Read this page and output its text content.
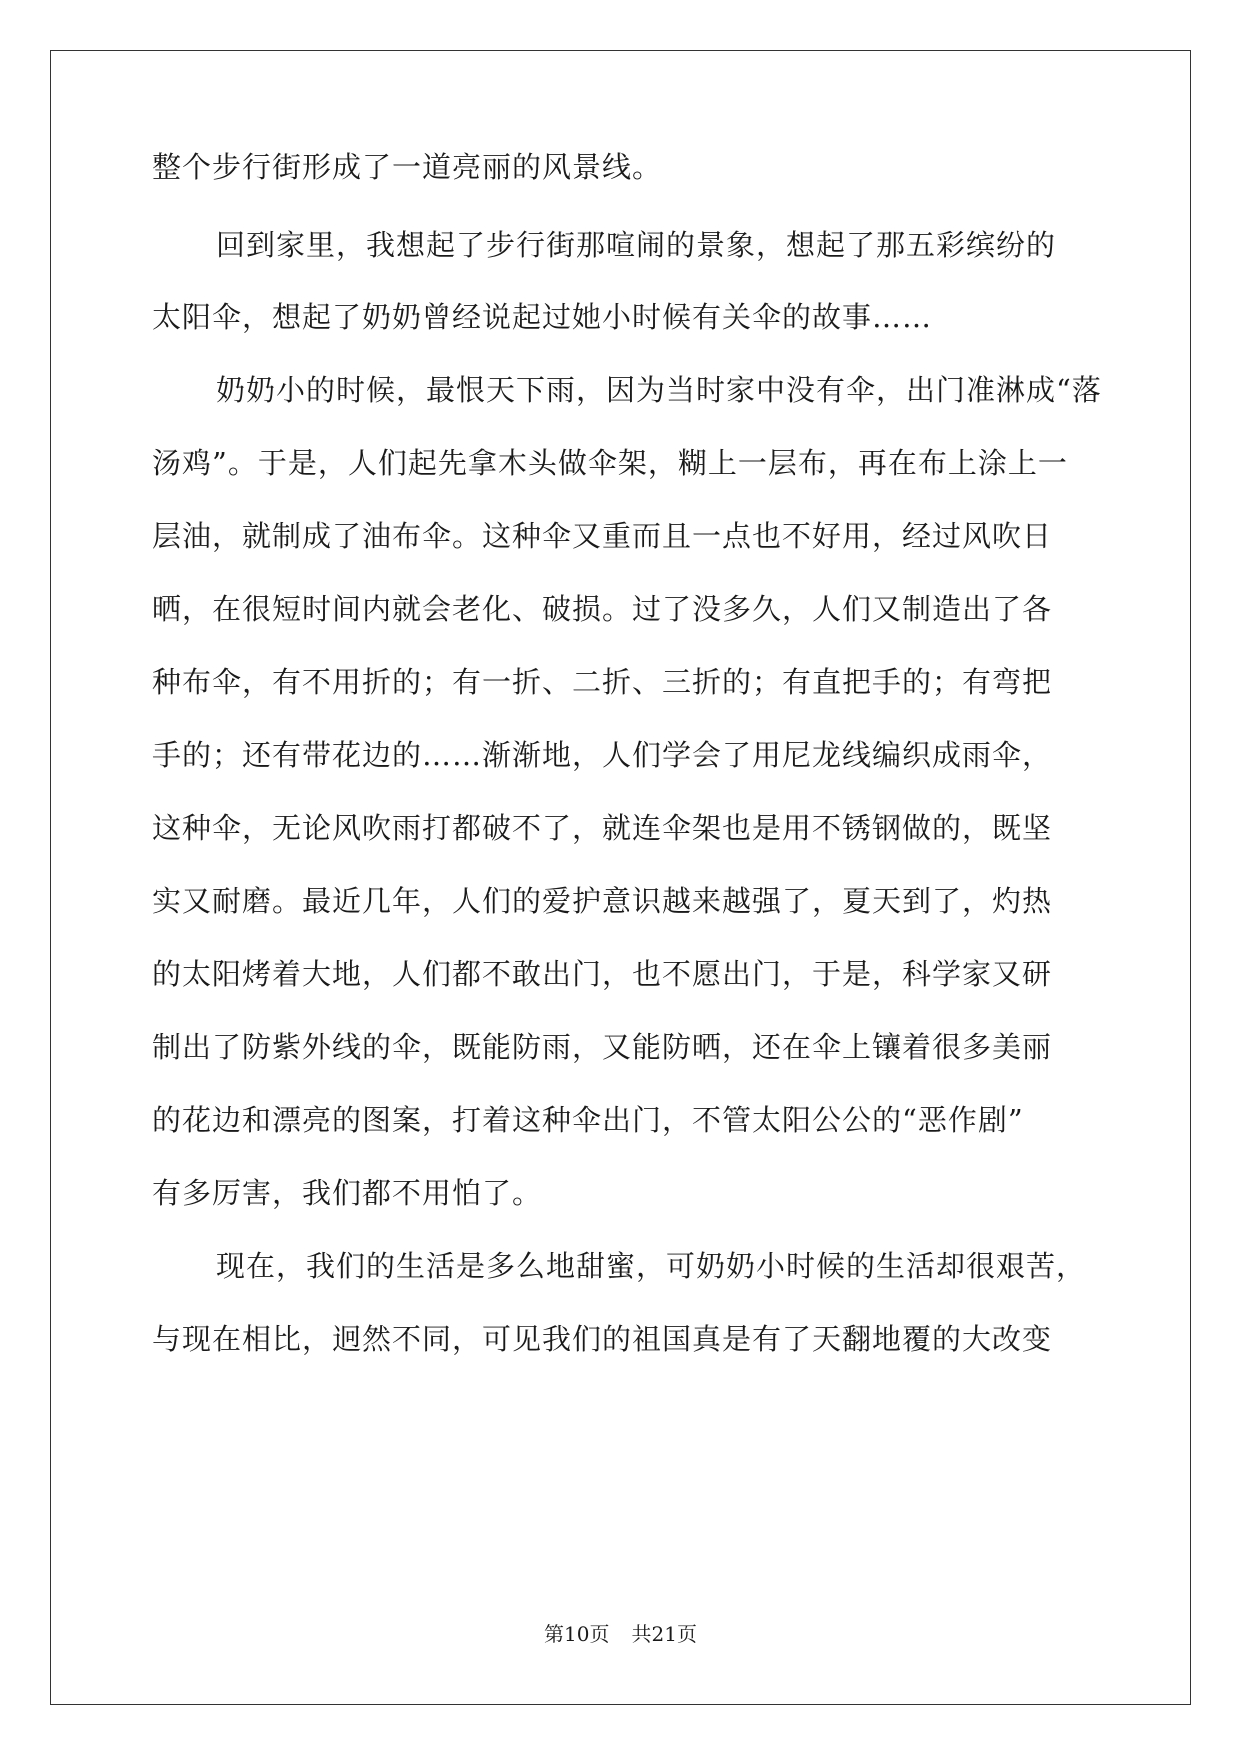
整个步行街形成了一道亮丽的风景线。
回到家里，我想起了步行街那喧闹的景象，想起了那五彩缤纷的
太阳伞，想起了奶奶曾经说起过她小时候有关伞的故事……
奶奶小的时候，最恨天下雨，因为当时家中没有伞，出门准淋成“落
汤鸡”。于是，人们起先拿木头做伞架，糊上一层布，再在布上涂上一
层油，就制成了油布伞。这种伞又重而且一点也不好用，经过风吹日
晒，在很短时间内就会老化、破损。过了没多久，人们又制造出了各
种布伞，有不用折的；有一折、二折、三折的；有直把手的；有弯把
手的；还有带花边的……渐渐地，人们学会了用尼龙线编织成雨伞，
这种伞，无论风吹雨打都破不了，就连伞架也是用不锈钢做的，既坚
实又耐磨。最近几年，人们的爱护意识越来越强了，夏天到了，灼热
的太阳烤着大地，人们都不敢出门，也不愿出门，于是，科学家又研
制出了防紫外线的伞，既能防雨，又能防晒，还在伞上镶着很多美丽
的花边和漂亮的图案，打着这种伞出门，不管太阳公公的“恶作剧”
有多厉害，我们都不用怕了。
现在，我们的生活是多么地甜蜜，可奶奶小时候的生活却很艰苦，
与现在相比，迥然不同，可见我们的祖国真是有了天翻地覆的大改变
第10页 共21页
